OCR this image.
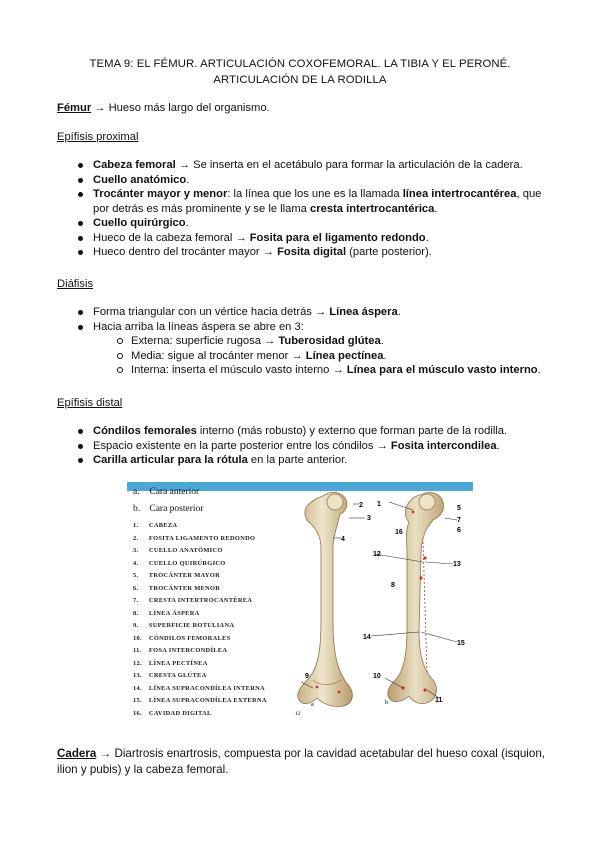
TEMA 9: EL FÉMUR. ARTICULACIÓN COXOFEMORAL. LA TIBIA Y EL PERONÉ.
ARTICULACIÓN DE LA RODILLA
Fémur → Hueso más largo del organismo.
Epífisis proximal
Cabeza femoral → Se inserta en el acetábulo para formar la articulación de la cadera.
Cuello anatómico.
Trocánter mayor y menor: la línea que los une es la llamada línea intertrocantérea, que por detrás es más prominente y se le llama cresta intertrocantérica.
Cuello quirúrgico.
Hueco de la cabeza femoral → Fosita para el ligamento redondo.
Hueco dentro del trocánter mayor → Fosita digital (parte posterior).
Diáfisis
Forma triangular con un vértice hacia detrás → Línea áspera.
Hacia arriba la líneas áspera se abre en 3:
Externa: superficie rugosa → Tuberosidad glútea.
Media: sigue al trocánter menor → Línea pectínea.
Interna: inserta el músculo vasto interno → Línea para el músculo vasto interno.
Epífisis distal
Cóndilos femorales interno (más robusto) y externo que forman parte de la rodilla.
Espacio existente en la parte posterior entre los cóndilos → Fosita intercondilea.
Carilla articular para la rótula en la parte anterior.
a. Cara anterior
b. Cara posterior
1. CABEZA
2. FOSITA LIGAMENTO REDONDO
3. CUELLO ANATÓMICO
4. CUELLO QUIRÚRGICO
5. TROCÁNTER MAYOR
6. TROCÁNTER MENOR
7. CRESTA INTERTROCANTÉREA
8. LÍNEA ÁSPERA
9. SUPERFICIE ROTULIANA
10. CÓNDILOS FEMORALES
11. FOSA INTERCONDÍLEA
12. LÍNEA PECTÍNEA
13. CRESTA GLÚTEA
14. LÍNEA SUPRACONDÍLEA INTERNA
15. LÍNEA SUPRACONDÍLEA EXTERNA
16. CAVIDAD DIGITAL
2
3
4
9
1
5
7
6
16
12
13
8
14
15
10
11
a	b
12
Cadera → Diartrosis enartrosis, compuesta por la cavidad acetabular del hueso coxal (isquion, ilion y pubis) y la cabeza femoral.
